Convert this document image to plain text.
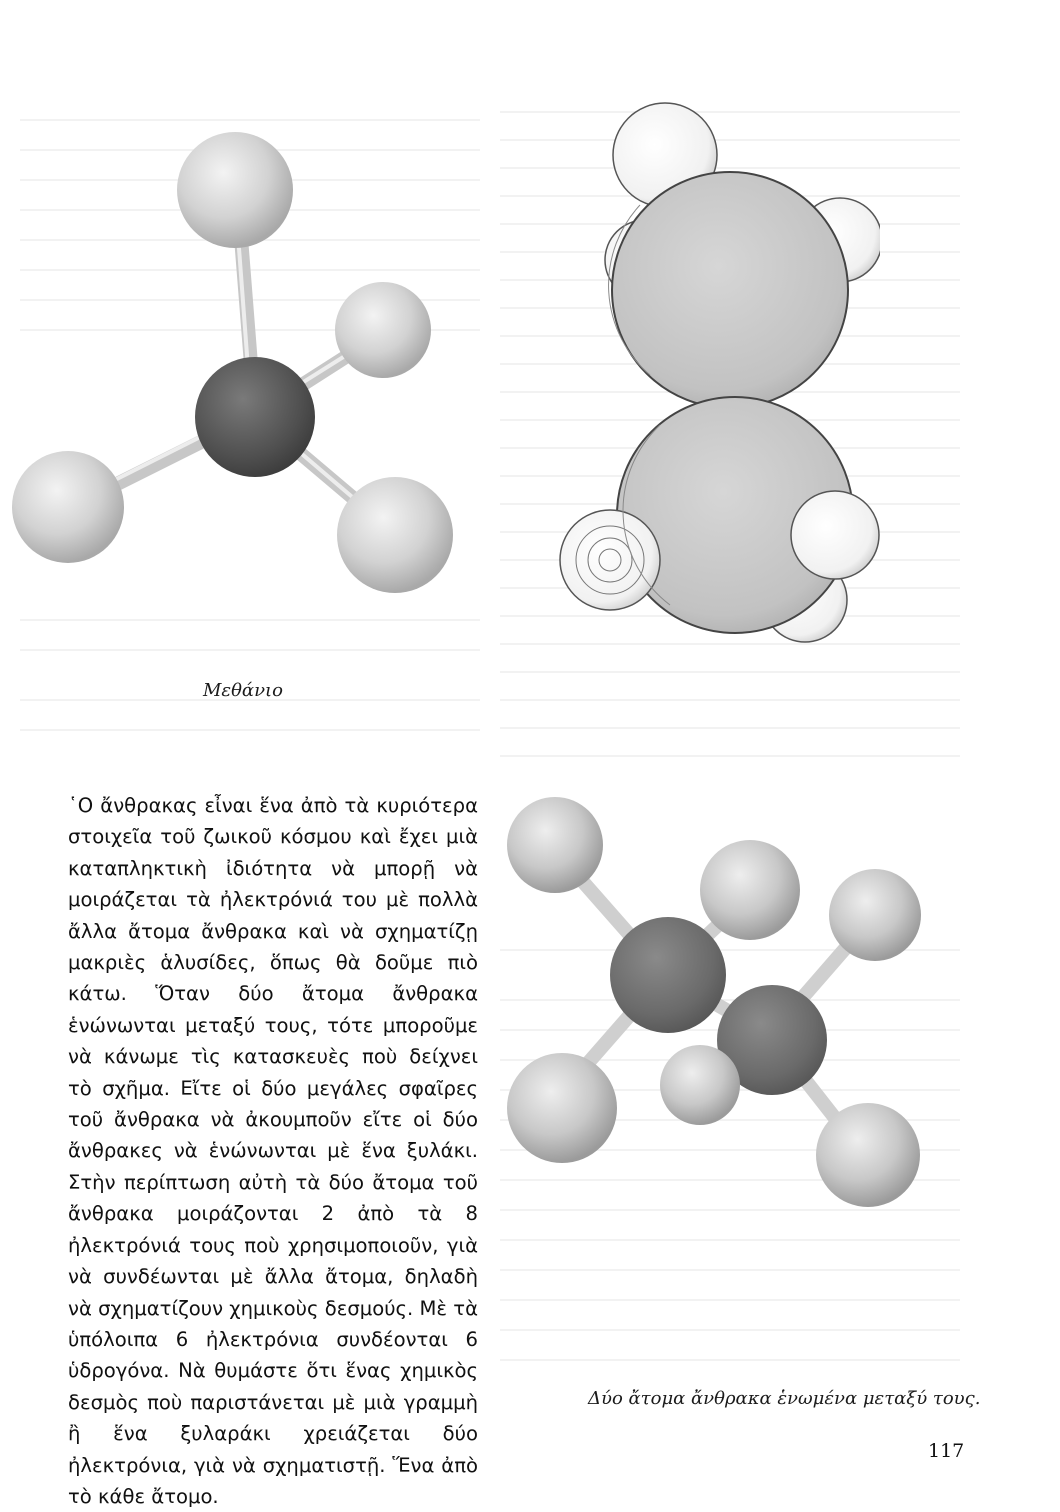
Μεθάνιο

῾Ο ἄνθρακας εἶναι ἕνα ἀπὸ τὰ κυριότερα στοιχεῖα τοῦ ζωικοῦ κόσμου καὶ ἔχει μιὰ καταπληκτικὴ ἰδιότητα νὰ μπορῇ νὰ μοιράζεται τὰ ἠλεκτρόνιά του μὲ πολλὰ ἄλλα ἄτομα ἄνθρακα καὶ νὰ σχηματίζῃ μακριὲς ἁλυσίδες, ὅπως θὰ δοῦμε πιὸ κάτω. Ὅταν δύο ἄτομα ἄνθρακα ἑνώνωνται μεταξύ τους, τότε μποροῦμε νὰ κάνωμε τὶς κατασκευὲς ποὺ δείχνει τὸ σχῆμα. Εἴτε οἱ δύο μεγάλες σφαῖρες τοῦ ἄνθρακα νὰ ἀκουμποῦν εἴτε οἱ δύο ἄνθρακες νὰ ἑνώνωνται μὲ ἕνα ξυλάκι. Στὴν περίπτωση αὐτὴ τὰ δύο ἄτομα τοῦ ἄνθρακα μοιράζονται 2 ἀπὸ τὰ 8 ἠλεκτρόνιά τους ποὺ χρησιμοποιοῦν, γιὰ νὰ συνδέωνται μὲ ἄλλα ἄτομα, δηλαδὴ νὰ σχηματίζουν χημικοὺς δεσμούς. Μὲ τὰ ὑπόλοιπα 6 ἠλεκτρόνια συνδέονται 6 ὑδρογόνα. Νὰ θυμάστε ὅτι ἕνας χημικὸς δεσμὸς ποὺ παριστάνεται μὲ μιὰ γραμμὴ ἢ ἕνα ξυλαράκι χρειάζεται δύο ἠλεκτρόνια, γιὰ νὰ σχηματιστῇ. Ἕνα ἀπὸ τὸ κάθε ἄτομο.

Δύο ἄτομα ἄνθρακα ἑνωμένα μεταξύ τους.

117
